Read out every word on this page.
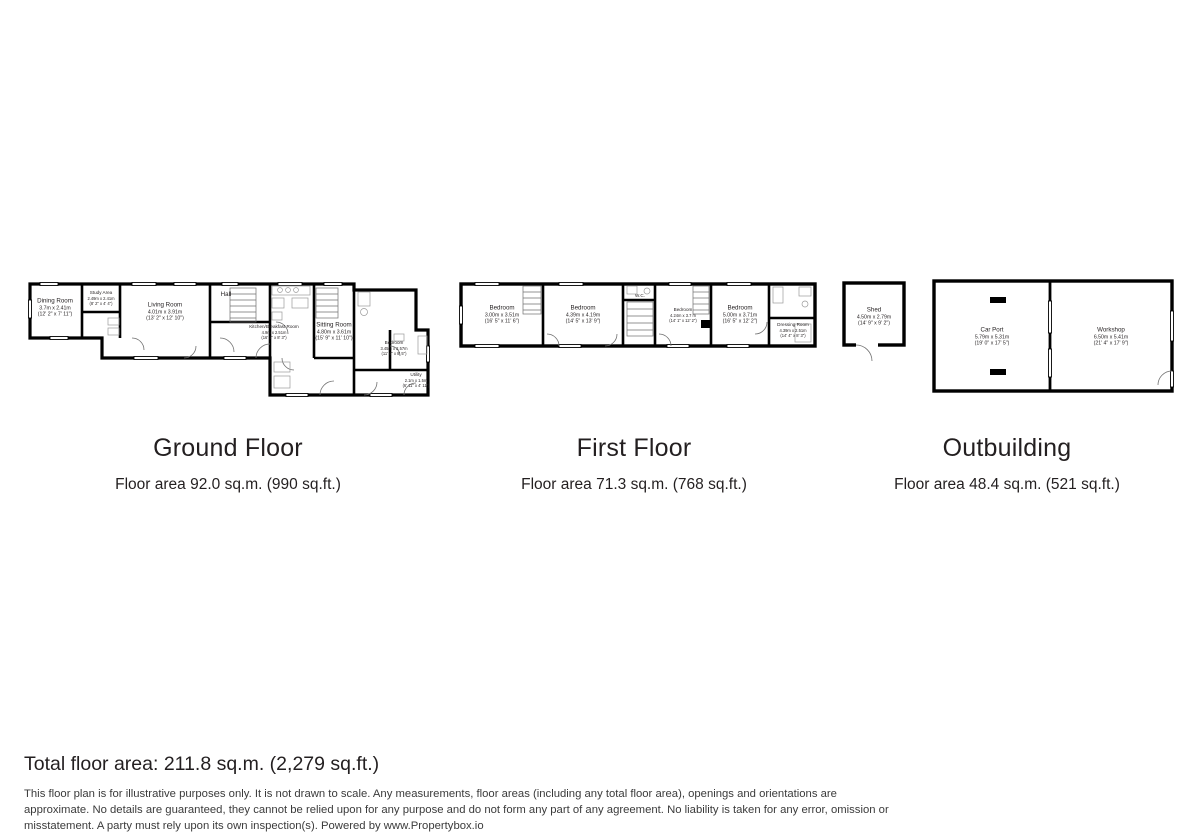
Dining Room
3.7m x 2.41m
(12' 2" x 7' 11")
Study Area
2.49m x 2.41m
(8' 2" x 4' 4")	Living Room
4.01m x 3.91m
(13' 2" x 12' 10")
Hall
Kitchen/Breakfast Room
4.9m x 2.51m
(16' 1" x 8' 3")
Sitting Room
4.80m x 3.61m
(15' 9" x 11' 10")
Bedroom
3.45m x 2.57m
(11' 4" x 8' 5")
Utility
2.1m x 1.5m
(6' 11" x 4' 11")
Ground Floor
Floor area 92.0 sq.m. (990 sq.ft.)
Bedroom
3.00m x 3.51m
(16' 5" x 11' 6")
Bedroom
4.39m x 4.19m
(14' 5" x 13' 9")
W.C.
Bedroom
4.24m x 3.7 m
(14' 1" x 12' 2")
Bedroom
5.00m x 3.71m
(16' 5" x 12' 2")	Dressing Room
4.39m x 2.51m
(14' 4" x 8' 3")
First Floor
Floor area 71.3 sq.m. (768 sq.ft.)
Shed
4.50m x 2.79m
(14' 9" x 9' 2")
Car Port
5.79m x 5.31m
(19' 0" x 17' 5")
Workshop
6.50m x 5.41m
(21' 4" x 17' 9")
Outbuilding
Floor area 48.4 sq.m. (521 sq.ft.)
Total floor area: 211.8 sq.m. (2,279 sq.ft.)
This floor plan is for illustrative purposes only. It is not drawn to scale. Any measurements, floor areas (including any total floor area), openings and orientations are approximate. No details are guaranteed, they cannot be relied upon for any purpose and do not form any part of any agreement. No liability is taken for any error, omission or misstatement. A party must rely upon its own inspection(s). Powered by www.Propertybox.io
